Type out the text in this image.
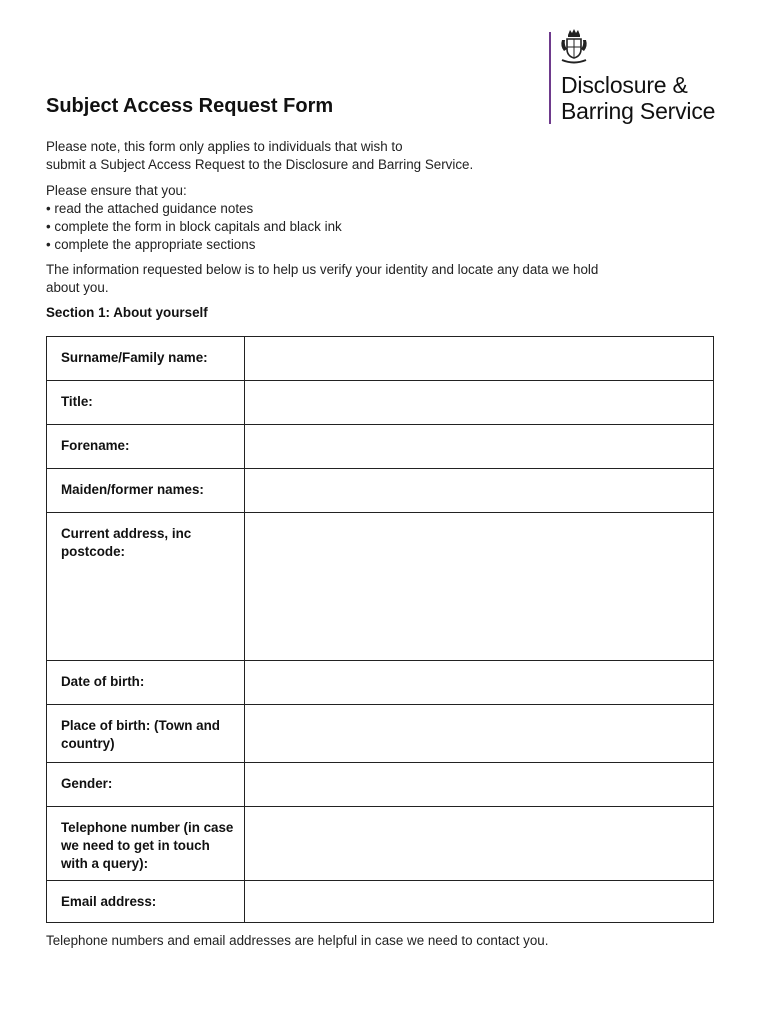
Disclosure &
Barring Service
Subject Access Request Form
Please note, this form only applies to individuals that wish to
submit a Subject Access Request to the Disclosure and Barring Service.
Please ensure that you:
• read the attached guidance notes
• complete the form in block capitals and black ink
• complete the appropriate sections
The information requested below is to help us verify your identity and locate any data we hold
about you.
Section 1: About yourself
Surname/Family name:	
Title:	
Forename:	
Maiden/former names:	
Current address, inc postcode:	
Date of birth:	
Place of birth: (Town and country)	
Gender:	
Telephone number (in case we need to get in touch with a query):	
Email address:	

Telephone numbers and email addresses are helpful in case we need to contact you.
